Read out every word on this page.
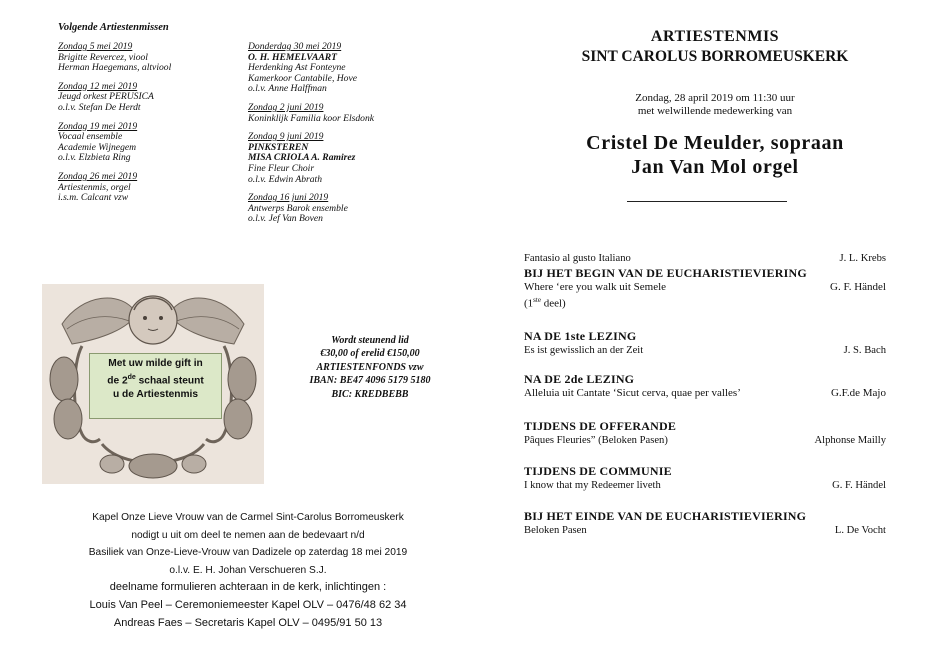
Volgende Artiestenmissen
Zondag 5 mei 2019
Brigitte Revercez, viool
Herman Haegemans, altviool
Zondag 12 mei 2019
Jeugd orkest PERUSICA
o.l.v. Stefan De Herdt
Zondag 19 mei 2019
Vocaal ensemble
Academie Wijnegem
o.l.v. Elzbieta Ring
Zondag 26 mei 2019
Artiestenmis, orgel
i.s.m. Calcant vzw
Donderdag 30 mei 2019
O. H. HEMELVAART
Herdenking Ast Fonteyne
Kamerkoor Cantabile, Hove
o.l.v. Anne Halffman
Zondag 2 juni 2019
Koninklijk Familia koor Elsdonk
Zondag 9 juni 2019
PINKSTEREN
MISA CRIOLA A. Ramirez
Fine Fleur Choir
o.l.v. Edwin Abrath
Zondag 16 juni 2019
Antwerps Barok ensemble
o.l.v. Jef Van Boven
Met uw milde gift in
de 2de schaal steunt
u de Artiestenmis
Wordt steunend lid
€30,00 of erelid €150,00
ARTIESTENFONDS vzw
IBAN: BE47 4096 5179 5180
BIC: KREDBEBB
Kapel Onze Lieve Vrouw van de Carmel Sint-Carolus Borromeuskerk
nodigt u uit om deel te nemen aan de bedevaart n/d
Basiliek van Onze-Lieve-Vrouw van Dadizele op zaterdag 18 mei 2019
o.l.v. E. H. Johan Verschueren S.J.
deelname formulieren achteraan in de kerk, inlichtingen :
Louis Van Peel – Ceremoniemeester Kapel OLV – 0476/48 62 34
Andreas Faes – Secretaris Kapel OLV – 0495/91 50 13
ARTIESTENMIS
SINT CAROLUS BORROMEUSKERK
Zondag, 28 april 2019 om 11:30 uur
met welwillende medewerking van
Cristel De Meulder, sopraan
Jan Van Mol orgel
Fantasio al gusto Italiano	J. L. Krebs
BIJ HET BEGIN VAN DE EUCHARISTIEVIERING
Where ‘ere you walk uit Semele	G. F. Händel
(1ste deel)
NA DE 1ste LEZING
Es ist gewisslich an der Zeit	J. S. Bach
NA DE 2de LEZING
Alleluia uit Cantate ‘Sicut cerva, quae per valles’	G.F.de Majo
TIJDENS DE OFFERANDE
Pâques Fleuries” (Beloken Pasen)	Alphonse Mailly
TIJDENS DE COMMUNIE
I know that my Redeemer liveth	G. F. Händel
BIJ HET EINDE VAN DE EUCHARISTIEVIERING
Beloken Pasen	L. De Vocht
